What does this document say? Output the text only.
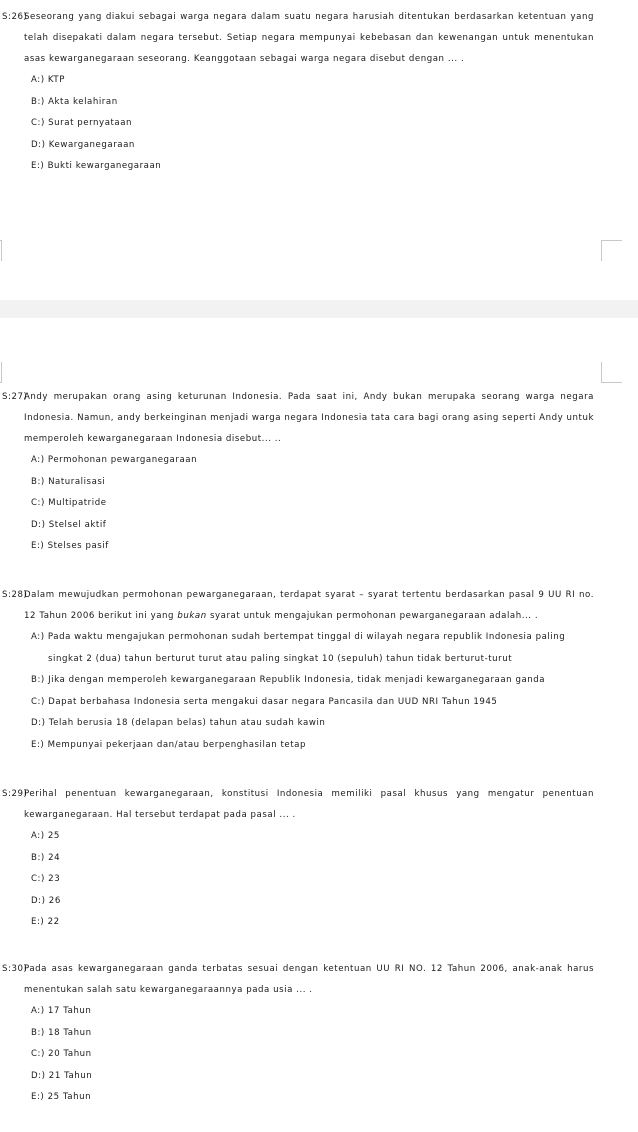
S:26)
Seseorang yang diakui sebagai warga negara dalam suatu negara harusiah ditentukan berdasarkan ketentuan yang telah disepakati dalam negara tersebut. Setiap negara mempunyai kebebasan dan kewenangan untuk menentukan asas kewarganegaraan seseorang. Keanggotaan sebagai warga negara disebut dengan ... .
A:) KTP
B:) Akta kelahiran
C:) Surat pernyataan
D:) Kewarganegaraan
E:) Bukti kewarganegaraan
S:27)
Andy merupakan orang asing keturunan Indonesia. Pada saat ini, Andy bukan merupaka seorang warga negara Indonesia. Namun, andy berkeinginan menjadi warga negara Indonesia tata cara bagi orang asing seperti Andy untuk memperoleh kewarganegaraan Indonesia disebut... ..
A:) Permohonan pewarganegaraan
B:) Naturalisasi
C:) Multipatride
D:) Stelsel aktif
E:) Stelses pasif
S:28)
Dalam mewujudkan permohonan pewarganegaraan, terdapat syarat – syarat tertentu berdasarkan pasal 9 UU RI no. 12 Tahun 2006 berikut ini yang bukan syarat untuk mengajukan permohonan pewarganegaraan adalah... .
A:) Pada waktu mengajukan permohonan sudah bertempat tinggal di wilayah negara republik Indonesia paling
singkat 2 (dua) tahun berturut turut atau paling singkat 10 (sepuluh) tahun tidak berturut-turut
B:) Jika dengan memperoleh kewarganegaraan Republik Indonesia, tidak menjadi kewarganegaraan ganda
C:) Dapat berbahasa Indonesia serta mengakui dasar negara Pancasila dan UUD NRI Tahun 1945
D:) Telah berusia 18 (delapan belas) tahun atau sudah kawin
E:) Mempunyai pekerjaan dan/atau berpenghasilan tetap
S:29)
Perihal penentuan kewarganegaraan, konstitusi Indonesia memiliki pasal khusus yang mengatur penentuan kewarganegaraan. Hal tersebut terdapat pada pasal ... .
A:) 25
B:) 24
C:) 23
D:) 26
E:) 22
S:30)
Pada asas kewarganegaraan ganda terbatas sesuai dengan ketentuan UU RI NO. 12 Tahun 2006, anak-anak harus menentukan salah satu kewarganegaraannya pada usia ... .
A:) 17 Tahun
B:) 18 Tahun
C:) 20 Tahun
D:) 21 Tahun
E:) 25 Tahun
